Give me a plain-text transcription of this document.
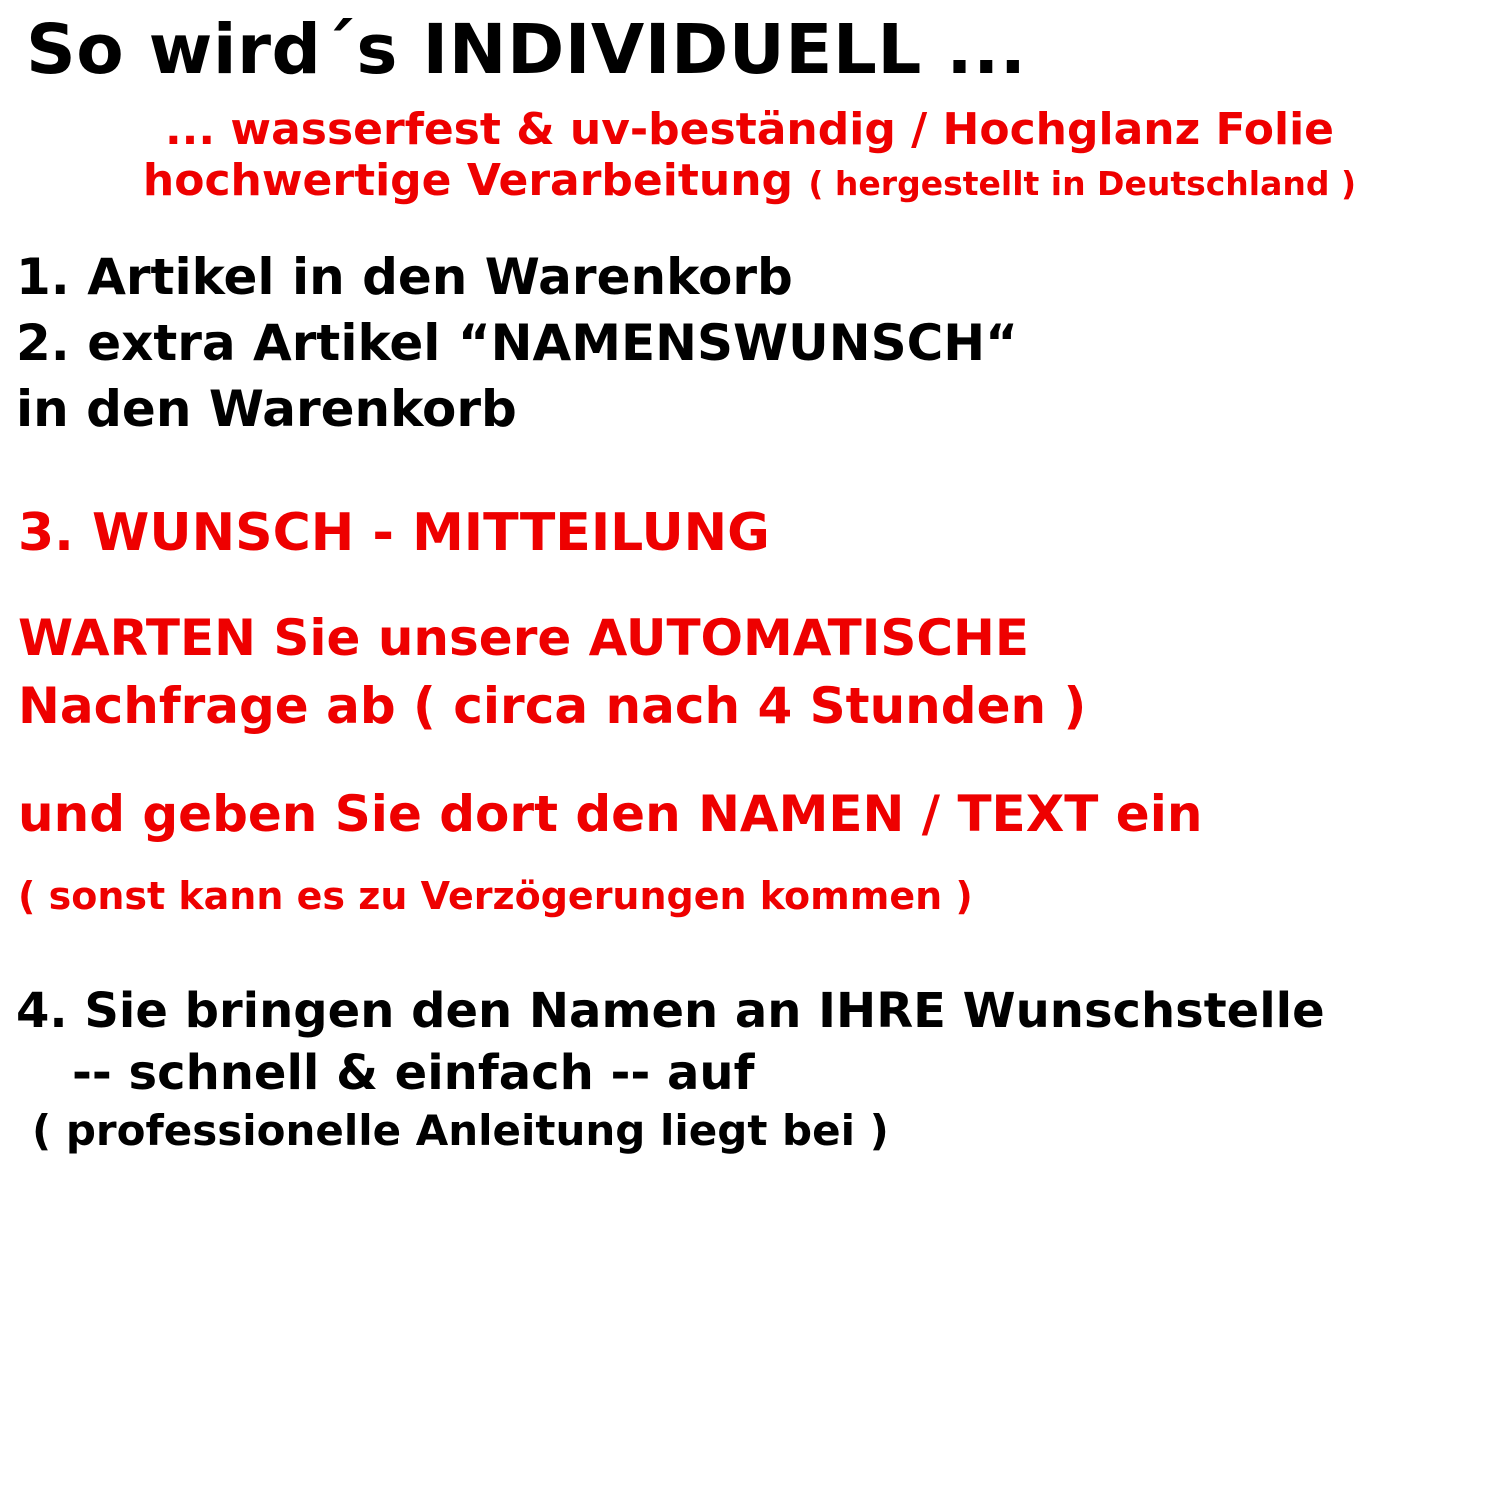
So wird´s INDIVIDUELL ...
... wasserfest & uv-beständig / Hochglanz Folie
hochwertige Verarbeitung ( hergestellt in Deutschland )
1. Artikel in den Warenkorb
2. extra Artikel “NAMENSWUNSCH“
in den Warenkorb
3. WUNSCH - MITTEILUNG
WARTEN Sie unsere AUTOMATISCHE
Nachfrage ab ( circa nach 4 Stunden )
und geben Sie dort den NAMEN / TEXT ein
( sonst kann es zu Verzögerungen kommen )
4. Sie bringen den Namen an IHRE Wunschstelle
-- schnell & einfach -- auf
( professionelle Anleitung liegt bei )
